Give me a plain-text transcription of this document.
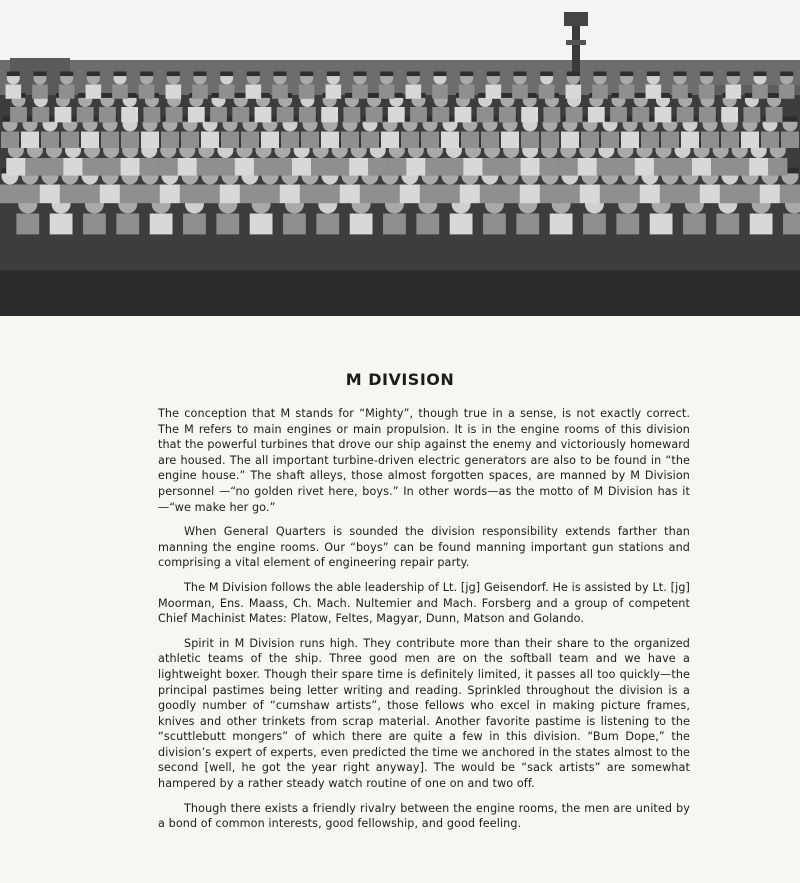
M DIVISION

The conception that M stands for “Mighty”, though true in a sense, is not exactly correct. The M refers to main engines or main propulsion. It is in the engine rooms of this division that the powerful turbines that drove our ship against the enemy and victoriously homeward are housed. The all important turbine-driven electric generators are also to be found in “the engine house.” The shaft alleys, those almost forgotten spaces, are manned by M Division personnel —“no golden rivet here, boys.” In other words—as the motto of M Division has it—“we make her go.”

When General Quarters is sounded the division responsibility extends farther than manning the engine rooms. Our “boys” can be found manning important gun stations and comprising a vital element of engineering repair party.

The M Division follows the able leadership of Lt. [jg] Geisendorf. He is assisted by Lt. [jg] Moorman, Ens. Maass, Ch. Mach. Nultemier and Mach. Forsberg and a group of competent Chief Machinist Mates: Platow, Feltes, Magyar, Dunn, Matson and Golando.

Spirit in M Division runs high. They contribute more than their share to the organized athletic teams of the ship. Three good men are on the softball team and we have a lightweight boxer. Though their spare time is definitely limited, it passes all too quickly—the principal pastimes being letter writing and reading. Sprinkled throughout the division is a goodly number of “cumshaw artists”, those fellows who excel in making picture frames, knives and other trinkets from scrap material. Another favorite pastime is listening to the “scuttlebutt mongers” of which there are quite a few in this division. “Bum Dope,” the division’s expert of experts, even predicted the time we anchored in the states almost to the second [well, he got the year right anyway]. The would be “sack artists” are somewhat hampered by a rather steady watch routine of one on and two off.

Though there exists a friendly rivalry between the engine rooms, the men are united by a bond of common interests, good fellowship, and good feeling.
